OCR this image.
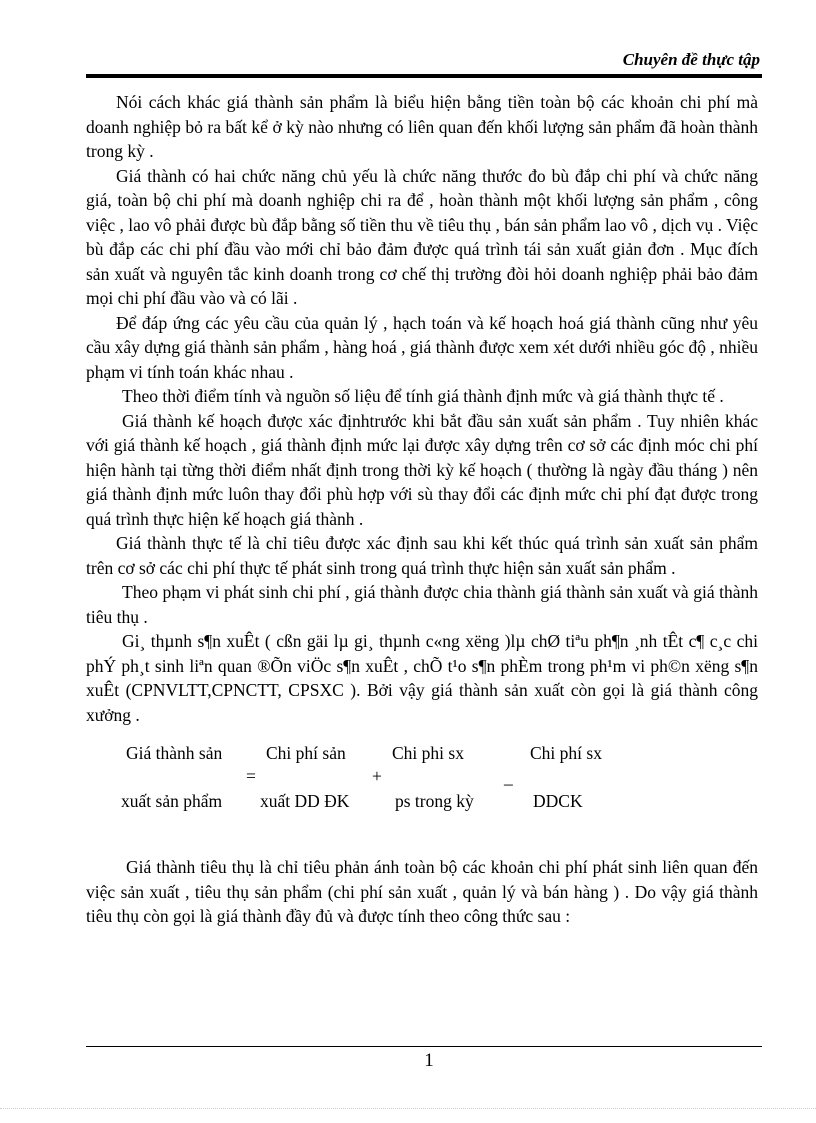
Chuyên đề thực tập

Nói cách khác giá thành sản phẩm là biểu hiện bằng tiền toàn bộ các khoản chi phí mà doanh nghiệp bỏ ra bất kể ở kỳ nào nhưng có liên quan đến khối lượng sản phẩm đã hoàn thành trong kỳ .

Giá thành có hai chức năng chủ yếu là chức năng thước đo bù đắp chi phí và chức năng giá, toàn bộ chi phí mà doanh nghiệp chi ra để , hoàn thành một khối lượng sản phẩm , công việc , lao vô phải được bù đắp bằng số tiền thu về tiêu thụ , bán sản phẩm lao vô , dịch vụ . Việc bù đắp các chi phí đầu vào mới chỉ bảo đảm được quá trình tái sản xuất giản đơn . Mục đích sản xuất và nguyên tắc kinh doanh trong cơ chế thị trường đòi hỏi doanh nghiệp phải bảo đảm mọi chi phí đầu vào và có lãi .

Để đáp ứng các yêu cầu của quản lý , hạch toán và kế hoạch hoá giá thành cũng như yêu cầu xây dựng giá thành sản phẩm , hàng hoá , giá thành được xem xét dưới nhiều góc độ , nhiều phạm vi tính toán khác nhau .

Theo thời điểm tính và nguồn số liệu để tính giá thành định mức và giá thành thực tế .

Giá thành kế hoạch được xác địnhtrước khi bắt đầu sản xuất sản phẩm . Tuy nhiên khác với giá thành kế hoạch , giá thành định mức lại được xây dựng trên cơ sở các định móc chi phí hiện hành tại từng thời điểm nhất định trong thời kỳ kế hoạch ( thường là ngày đầu tháng ) nên giá thành định mức luôn thay đổi phù hợp với sù thay đổi các định mức chi phí đạt được trong quá trình thực hiện kế hoạch giá thành .

Giá thành thực tế là chỉ tiêu được xác định sau khi kết thúc quá trình sản xuất sản phẩm trên cơ sở các chi phí thực tế phát sinh trong quá trình thực hiện sản xuất sản phẩm .

Theo phạm vi phát sinh chi phí , giá thành được chia thành giá thành sản xuất và giá thành tiêu thụ .

Gi¸ thµnh s¶n xuÊt ( cßn gäi lµ gi¸ thµnh c«ng xëng )lµ chØ tiªu ph¶n ¸nh tÊt c¶ c¸c chi phÝ ph¸t sinh liªn quan ®Õn viÖc s¶n xuÊt , chÕ t¹o s¶n phÈm trong ph¹m vi ph©n xëng s¶n xuÊt (CPNVLTT,CPNCTT, CPSXC ). Bởi vậy giá thành sản xuất còn gọi là giá thành công xưởng .

Giá thành sản
xuất sản phẩm
=
Chi phí sản
xuất DD ĐK
+
Chi phi sx
ps trong kỳ
_
Chi phí sx
DDCK

Giá thành tiêu thụ là chỉ tiêu phản ánh toàn bộ các khoản chi phí phát sinh liên quan đến việc sản xuất , tiêu thụ sản phẩm (chi phí sản xuất , quản lý và bán hàng ) . Do vậy giá thành tiêu thụ còn gọi là giá thành đầy đủ và được tính theo công thức sau :

1
